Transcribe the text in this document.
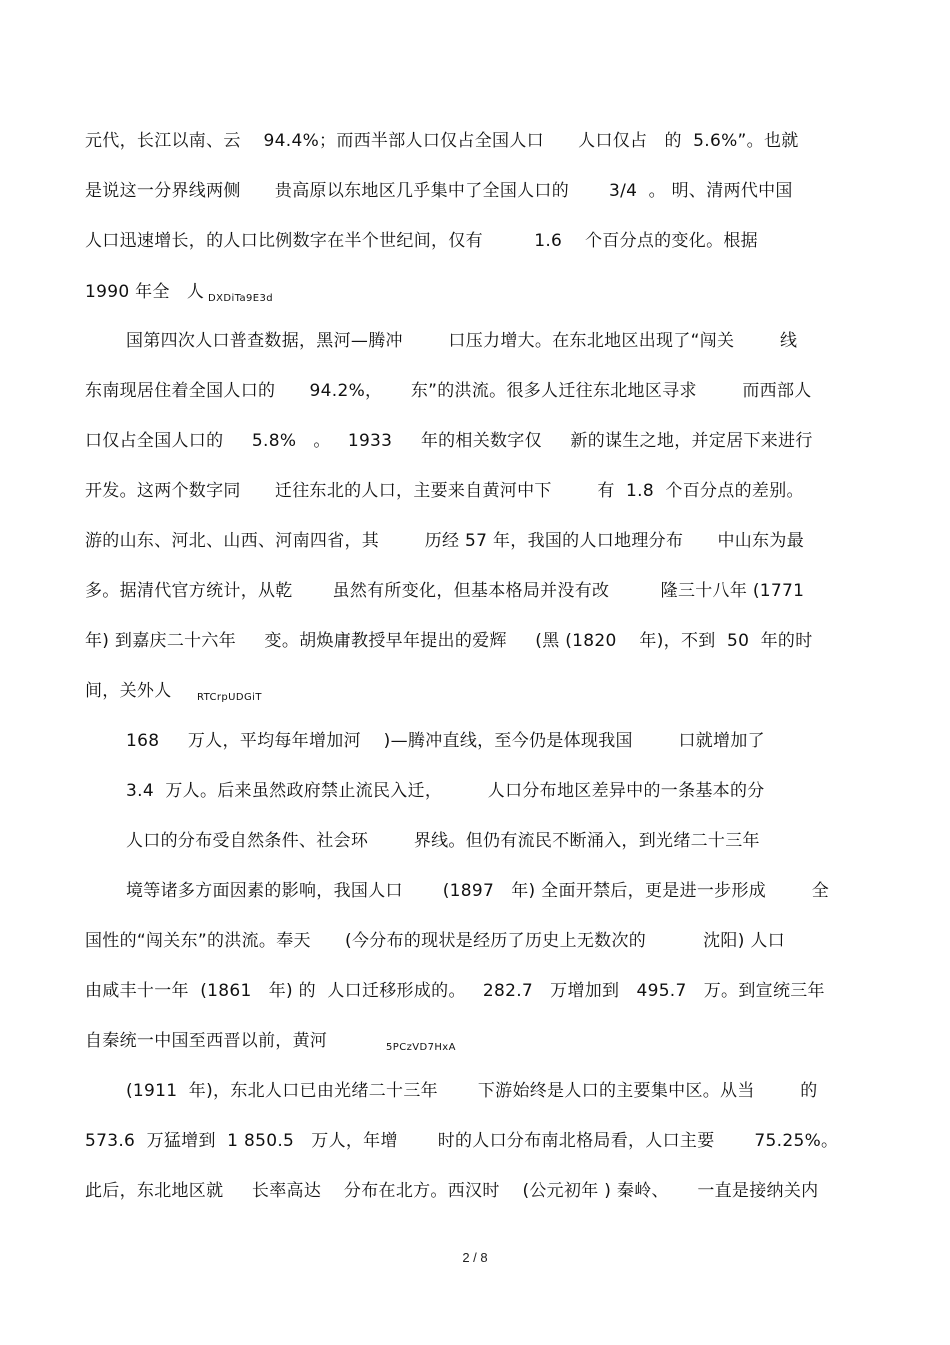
元代，长江以南、云    94.4%；而西半部人口仅占全国人口      人口仅占   的  5.6%”。也就
是说这一分界线两侧      贵高原以东地区几乎集中了全国人口的       3/4  。 明、清两代中国
人口迅速增长，的人口比例数字在半个世纪间，仅有         1.6    个百分点的变化。根据
1990 年全   人 DXDiTa9E3d
国第四次人口普查数据，黑河—腾冲        口压力增大。在东北地区出现了“闯关        线
东南现居住着全国人口的      94.2%，     东”的洪流。很多人迁往东北地区寻求        而西部人
口仅占全国人口的     5.8%   。   1933     年的相关数字仅     新的谋生之地，并定居下来进行
开发。这两个数字同      迁往东北的人口，主要来自黄河中下        有  1.8  个百分点的差别。
游的山东、河北、山西、河南四省，其        历经 57 年，我国的人口地理分布      中山东为最
多。据清代官方统计，从乾       虽然有所变化，但基本格局并没有改         隆三十八年 (1771
年) 到嘉庆二十六年     变。胡焕庸教授早年提出的爱辉     (黑 (1820    年)，不到  50  年的时
间，关外人	RTCrpUDGiT
168     万人，平均每年增加河    )—腾冲直线，至今仍是体现我国        口就增加了
3.4  万人。后来虽然政府禁止流民入迁，        人口分布地区差异中的一条基本的分
人口的分布受自然条件、社会环        界线。但仍有流民不断涌入，到光绪二十三年
境等诸多方面因素的影响，我国人口       (1897   年) 全面开禁后，更是进一步形成        全
国性的“闯关东”的洪流。奉天      (今分布的现状是经历了历史上无数次的          沈阳) 人口
由咸丰十一年  (1861   年) 的  人口迁移形成的。   282.7   万增加到   495.7   万。到宣统三年
自秦统一中国至西晋以前，黄河	5PCzVD7HxA
(1911  年)，东北人口已由光绪二十三年       下游始终是人口的主要集中区。从当        的
573.6  万猛增到  1 850.5   万人，年增       时的人口分布南北格局看，人口主要       75.25%。
此后，东北地区就     长率高达    分布在北方。西汉时    (公元初年 ) 秦岭、     一直是接纳关内
2 / 8
